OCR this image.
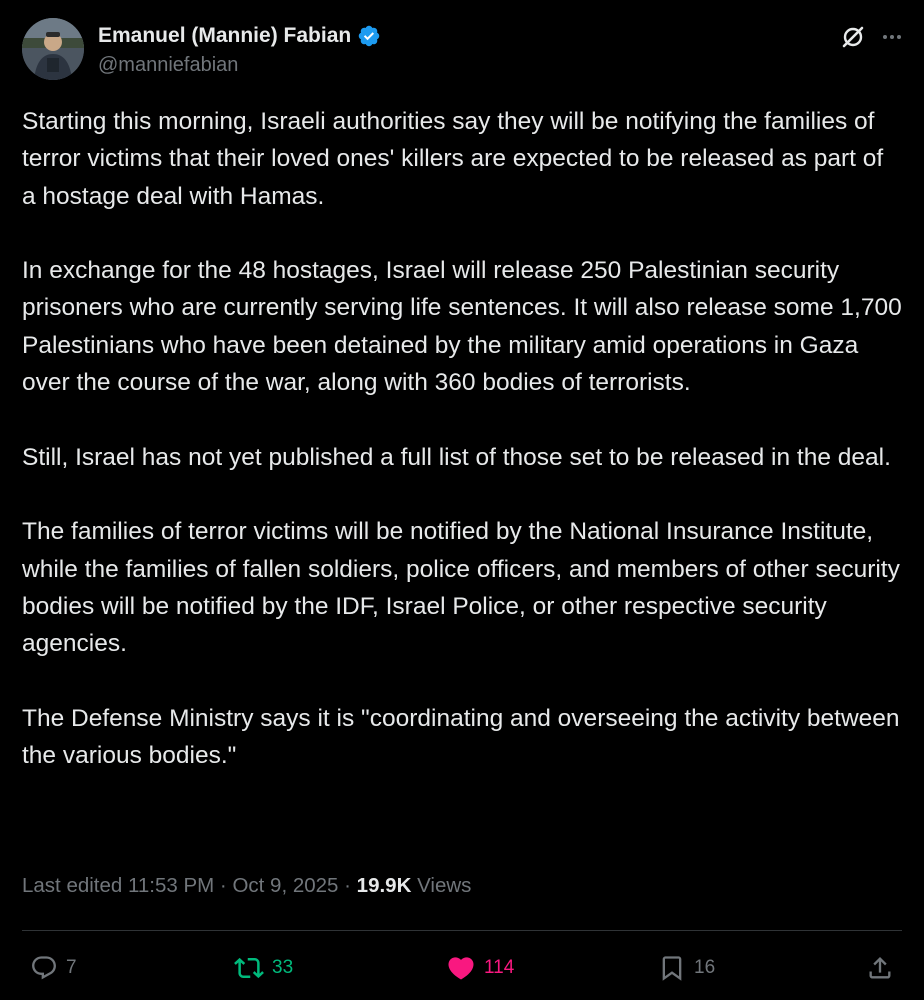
Emanuel (Mannie) Fabian
@manniefabian

Starting this morning, Israeli authorities say they will be notifying the families of terror victims that their loved ones' killers are expected to be released as part of a hostage deal with Hamas.

In exchange for the 48 hostages, Israel will release 250 Palestinian security prisoners who are currently serving life sentences. It will also release some 1,700 Palestinians who have been detained by the military amid operations in Gaza over the course of the war, along with 360 bodies of terrorists.

Still, Israel has not yet published a full list of those set to be released in the deal.

The families of terror victims will be notified by the National Insurance Institute, while the families of fallen soldiers, police officers, and members of other security bodies will be notified by the IDF, Israel Police, or other respective security agencies.

The Defense Ministry says it is "coordinating and overseeing the activity between the various bodies."

Last edited 11:53 PM · Oct 9, 2025 · 19.9K Views
7	33	114	16
